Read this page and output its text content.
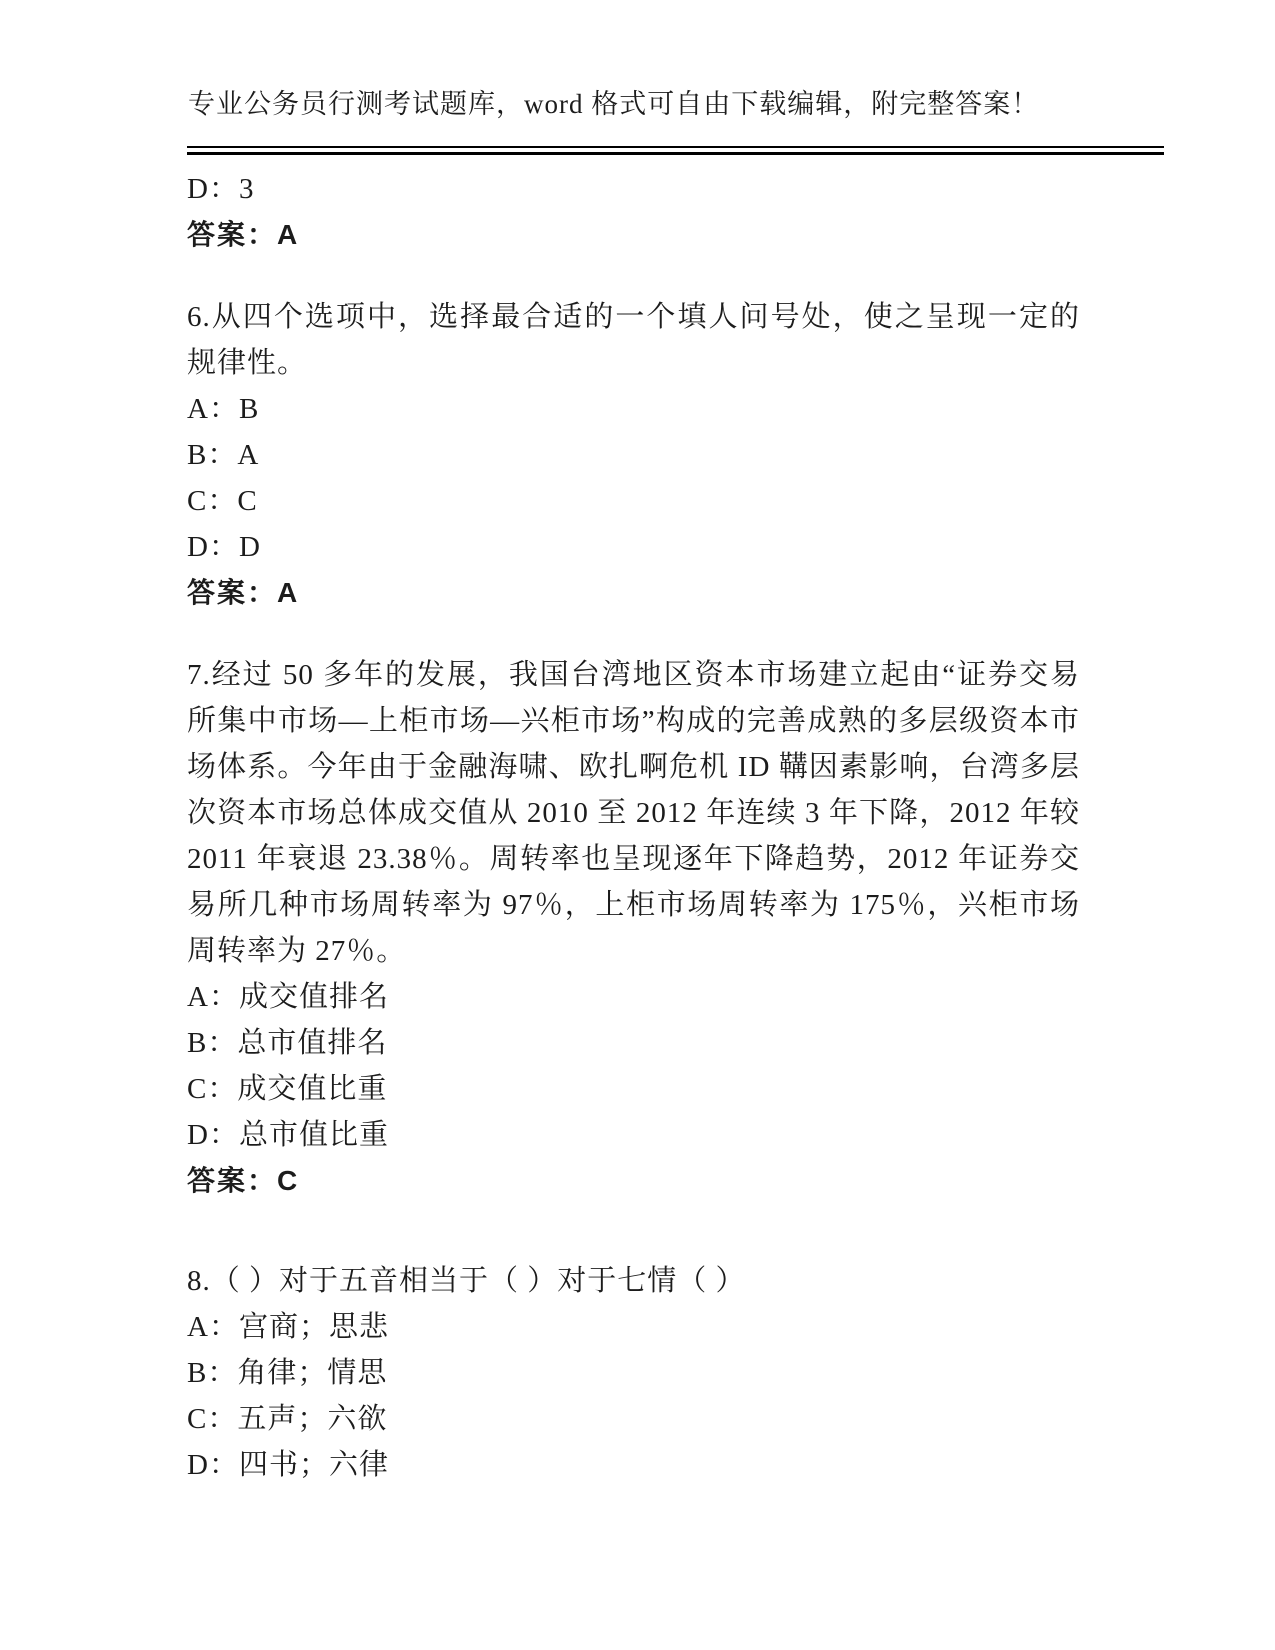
专业公务员行测考试题库，word 格式可自由下载编辑，附完整答案！

D：3

答案：A

6.从四个选项中，选择最合适的一个填人问号处，使之呈现一定的规律性。

A：B

B：A

C：C

D：D

答案：A

7.经过 50 多年的发展，我国台湾地区资本市场建立起由“证券交易所集中市场—上柜市场—兴柜市场”构成的完善成熟的多层级资本市场体系。今年由于金融海啸、欧扎啊危机 ID 鞲因素影响，台湾多层次资本市场总体成交值从 2010 至 2012 年连续 3 年下降，2012 年较 2011 年衰退 23.38％。周转率也呈现逐年下降趋势，2012 年证券交易所几种市场周转率为 97％，上柜市场周转率为 175％，兴柜市场周转率为 27％。

A：成交值排名

B：总市值排名

C：成交值比重

D：总市值比重

答案：C

8.（ ）对于五音相当于（ ）对于七情（ ）

A：宫商；思悲

B：角律；情思

C：五声；六欲

D：四书；六律
